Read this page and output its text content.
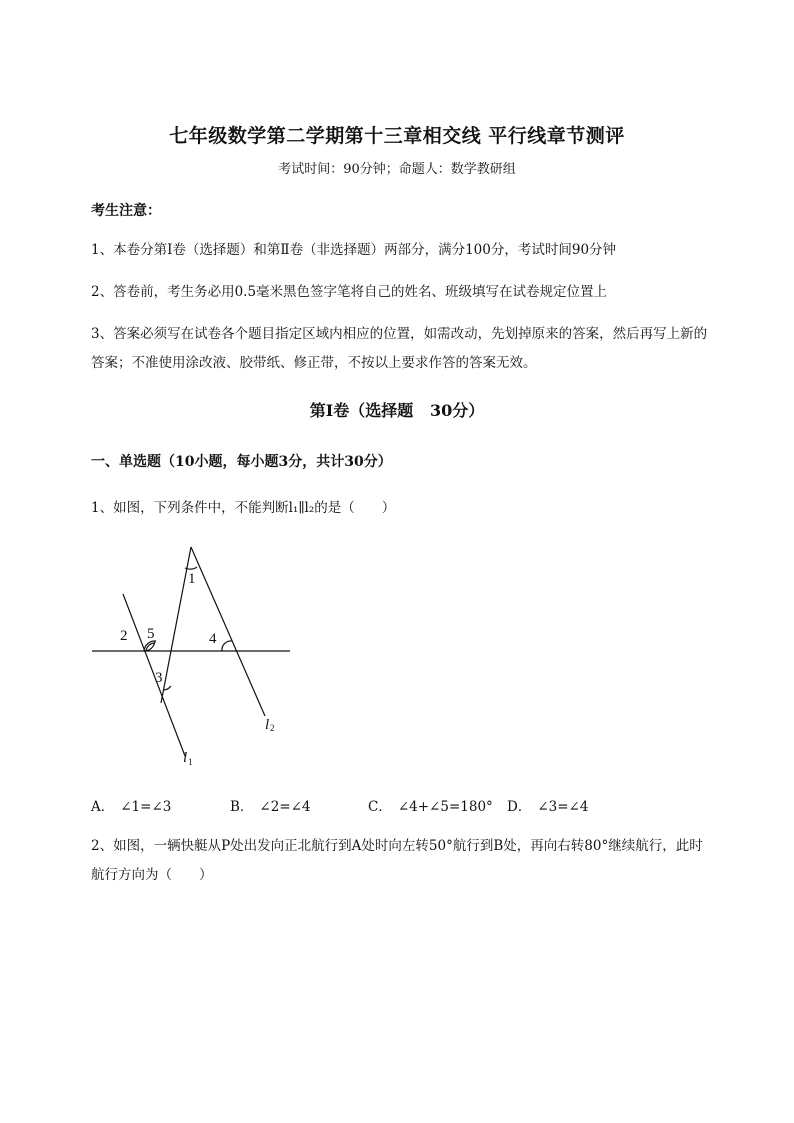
七年级数学第二学期第十三章相交线 平行线章节测评
考试时间：90分钟；命题人：数学教研组
考生注意：
1、本卷分第I卷（选择题）和第Ⅱ卷（非选择题）两部分，满分100分，考试时间90分钟
2、答卷前，考生务必用0.5毫米黑色签字笔将自己的姓名、班级填写在试卷规定位置上
3、答案必须写在试卷各个题目指定区域内相应的位置，如需改动，先划掉原来的答案，然后再写上新的答案；不准使用涂改液、胶带纸、修正带，不按以上要求作答的答案无效。
第I卷（选择题   30分）
一、单选题（10小题，每小题3分，共计30分）
1、如图，下列条件中，不能判断l₁∥l₂的是（　　）
1
2
3
4
5
l 1
l 2
A． ∠1=∠3	B． ∠2=∠4	C． ∠4+∠5=180° D． ∠3=∠4
2、如图，一辆快艇从P处出发向正北航行到A处时向左转50°航行到B处，再向右转80°继续航行，此时航行方向为（　　）
